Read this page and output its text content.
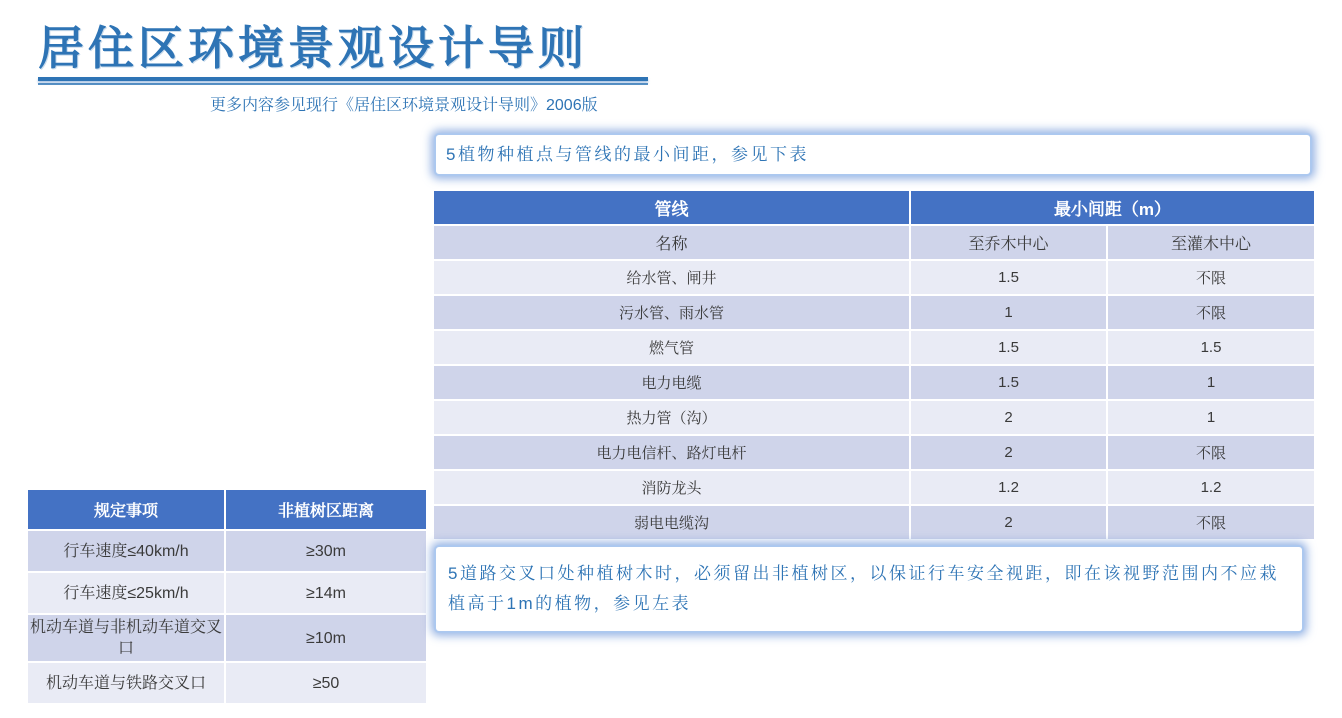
居住区环境景观设计导则
更多内容参见现行《居住区环境景观设计导则》2006版
5植物种植点与管线的最小间距，参见下表
管线	最小间距（m）	
名称	至乔木中心	至灌木中心
给水管、闸井	1.5	不限
污水管、雨水管	1	不限
燃气管	1.5	1.5
电力电缆	1.5	1
热力管（沟）	2	1
电力电信杆、路灯电杆	2	不限
消防龙头	1.2	1.2
弱电电缆沟	2	不限
规定事项	非植树区距离
行车速度≤40km/h	≥30m
行车速度≤25km/h	≥14m
机动车道与非机动车道交叉口	≥10m
机动车道与铁路交叉口	≥50
5道路交叉口处种植树木时，必须留出非植树区，以保证行车安全视距，即在该视野范围内不应栽植高于1m的植物，参见左表
